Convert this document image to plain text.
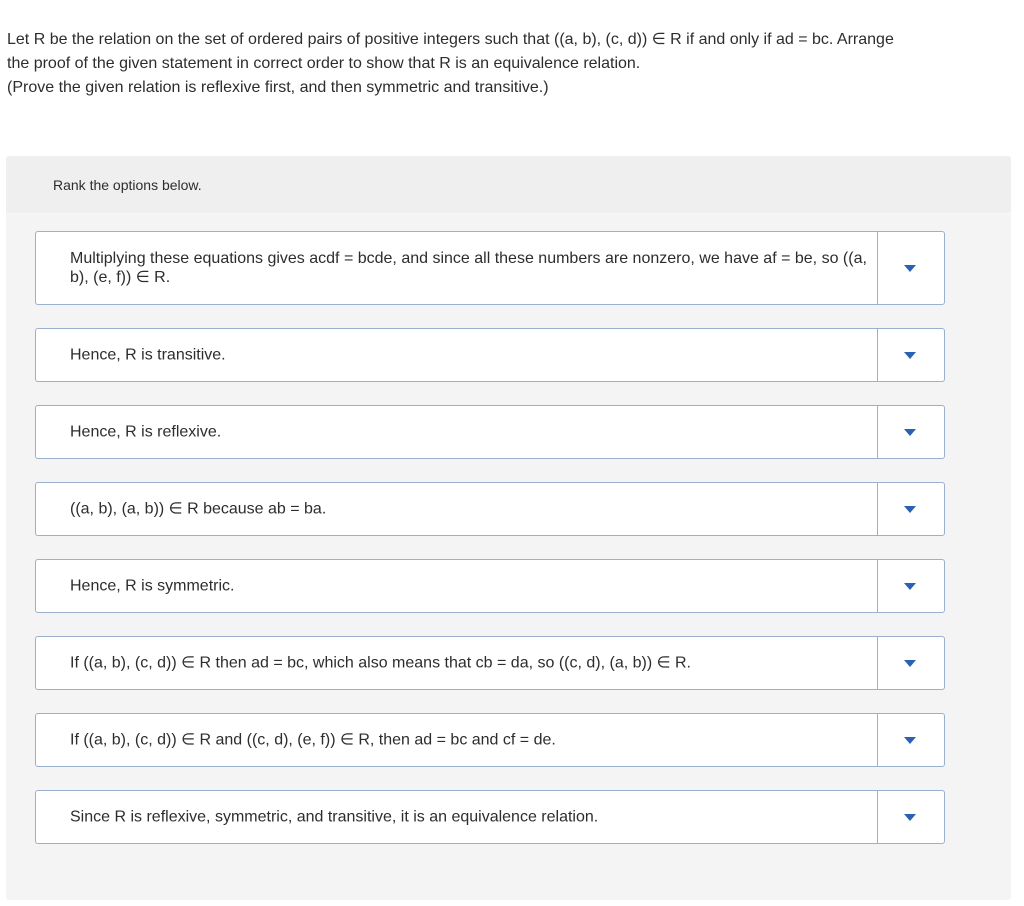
Let R be the relation on the set of ordered pairs of positive integers such that ((a, b), (c, d)) ∈ R if and only if ad = bc. Arrange

the proof of the given statement in correct order to show that R is an equivalence relation.

(Prove the given relation is reflexive first, and then symmetric and transitive.)

Rank the options below.
Multiplying these equations gives acdf = bcde, and since all these numbers are nonzero, we have af = be, so ((a, b), (e, f)) ∈ R.
Hence, R is transitive.
Hence, R is reflexive.
((a, b), (a, b)) ∈ R because ab = ba.
Hence, R is symmetric.
If ((a, b), (c, d)) ∈ R then ad = bc, which also means that cb = da, so ((c, d), (a, b)) ∈ R.
If ((a, b), (c, d)) ∈ R and ((c, d), (e, f)) ∈ R, then ad = bc and cf = de.
Since R is reflexive, symmetric, and transitive, it is an equivalence relation.
